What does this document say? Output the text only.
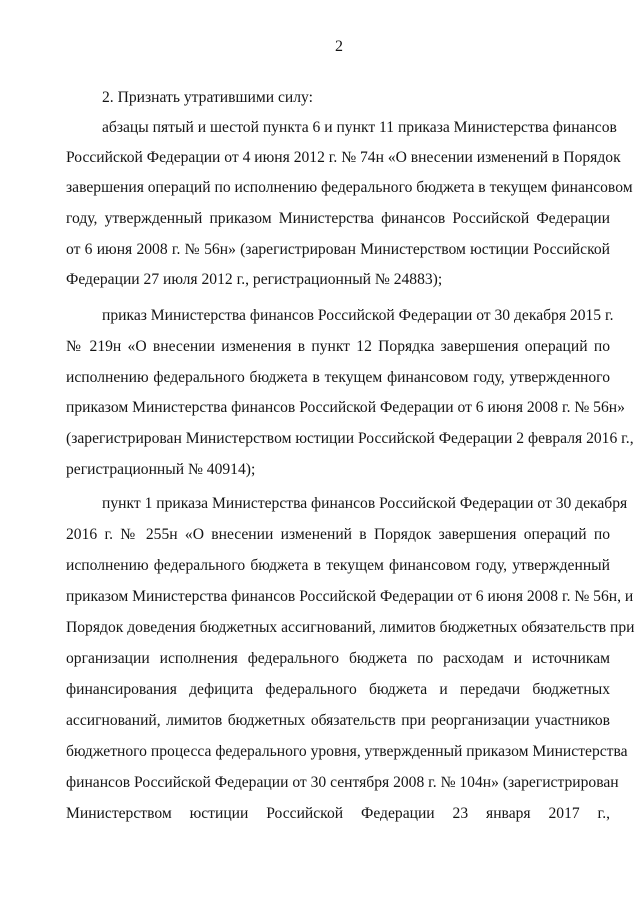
2
2. Признать утратившими силу:
абзацы пятый и шестой пункта 6 и пункт 11 приказа Министерства финансов
Российской Федерации от 4 июня 2012 г. № 74н «О внесении изменений в Порядок
завершения операций по исполнению федерального бюджета в текущем финансовом
году, утвержденный приказом Министерства финансов Российской Федерации
от 6 июня 2008 г. № 56н» (зарегистрирован Министерством юстиции Российской
Федерации 27 июля 2012 г., регистрационный № 24883);
приказ Министерства финансов Российской Федерации от 30 декабря 2015 г.
№ 219н «О внесении изменения в пункт 12 Порядка завершения операций по
исполнению федерального бюджета в текущем финансовом году, утвержденного
приказом Министерства финансов Российской Федерации от 6 июня 2008 г. № 56н»
(зарегистрирован Министерством юстиции Российской Федерации 2 февраля 2016 г.,
регистрационный № 40914);
пункт 1 приказа Министерства финансов Российской Федерации от 30 декабря
2016 г. № 255н «О внесении изменений в Порядок завершения операций по
исполнению федерального бюджета в текущем финансовом году, утвержденный
приказом Министерства финансов Российской Федерации от 6 июня 2008 г. № 56н, и
Порядок доведения бюджетных ассигнований, лимитов бюджетных обязательств при
организации исполнения федерального бюджета по расходам и источникам
финансирования дефицита федерального бюджета и передачи бюджетных
ассигнований, лимитов бюджетных обязательств при реорганизации участников
бюджетного процесса федерального уровня, утвержденный приказом Министерства
финансов Российской Федерации от 30 сентября 2008 г. № 104н» (зарегистрирован
Министерством юстиции Российской Федерации 23 января 2017 г.,
